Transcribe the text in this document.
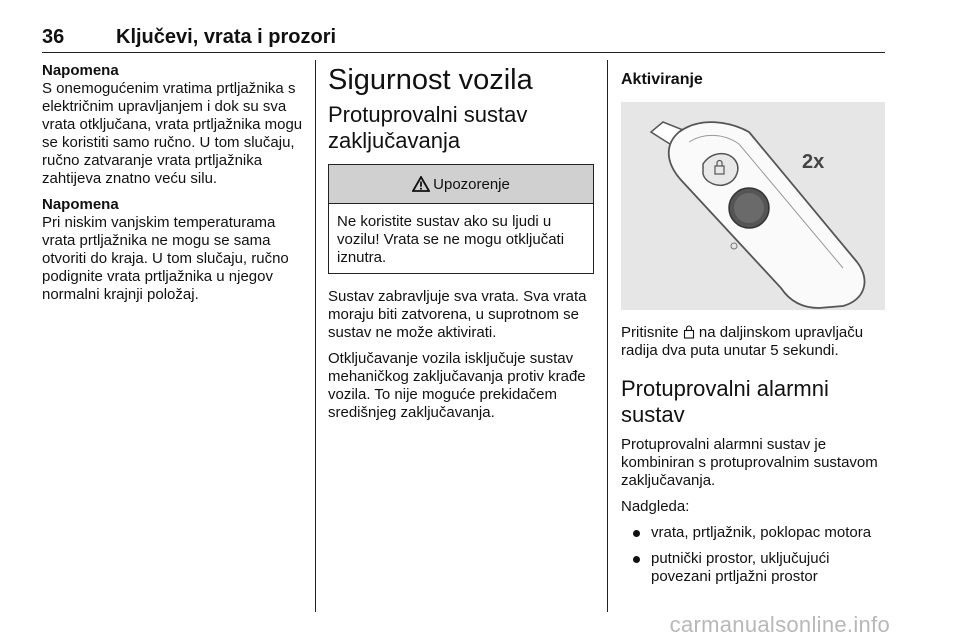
36	Ključevi, vrata i prozori

Napomena

S onemogućenim vratima prtljažnika s električnim upravljanjem i dok su sva vrata otključana, vrata prtljažnika mogu se koristiti samo ručno. U tom slučaju, ručno zatvaranje vrata prtljažnika zahtijeva znatno veću silu.

Napomena

Pri niskim vanjskim temperaturama vrata prtljažnika ne mogu se sama otvoriti do kraja. U tom slučaju, ručno podignite vrata prtljažnika u njegov normalni krajnji položaj.

Sigurnost vozila
Protuprovalni sustav zaključavanja
Upozorenje
Ne koristite sustav ako su ljudi u vozilu! Vrata se ne mogu otključati iznutra.

Sustav zabravljuje sva vrata. Sva vrata moraju biti zatvorena, u suprotnom se sustav ne može aktivirati.

Otključavanje vozila isključuje sustav mehaničkog zaključavanja protiv krađe vozila. To nije moguće prekidačem središnjeg zaključavanja.

Aktiviranje
2x

Pritisnite  na daljinskom upravljaču radija dva puta unutar 5 sekundi.

Protuprovalni alarmni sustav

Protuprovalni alarmni sustav je kombiniran s protuprovalnim sustavom zaključavanja.

Nadgleda:

vrata, prtljažnik, poklopac motora
putnički prostor, uključujući povezani prtljažni prostor
carmanualsonline.info
